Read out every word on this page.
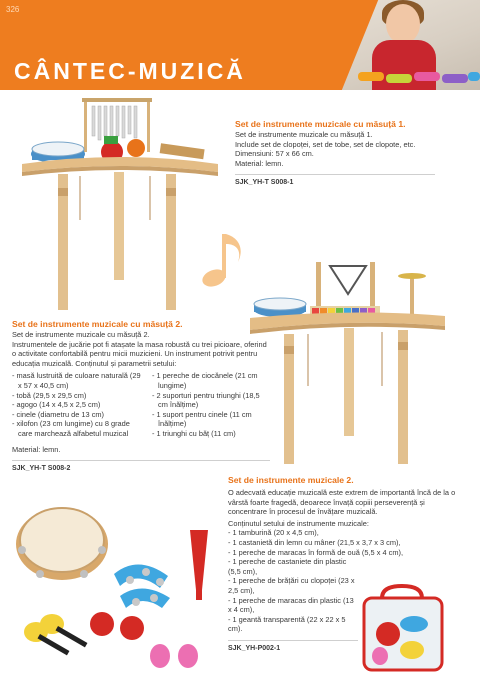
326
CÂNTEC-MUZICĂ
Set de instrumente muzicale cu măsuță 1.
Set de instrumente muzicale cu măsuță 1.
Include set de clopoței, set de tobe, set de clopote, etc.
Dimensiuni: 57 x 66 cm.
Material: lemn.
SJK_YH-T S008-1
Set de instrumente muzicale cu măsuță 2.
Set de instrumente muzicale cu măsuță 2.
Instrumentele de jucărie pot fi atașate la masa robustă cu trei picioare, oferind o activitate confortabilă pentru micii muzicieni. Un instrument potrivit pentru educația muzicală. Conținutul și parametrii setului:
- masă lustruită de culoare naturală (29 x 57 x 40,5 cm)
- tobă (29,5 x 29,5 cm)
- agogo (14 x 4,5 x 2,5 cm)
- cinele (diametru de 13 cm)
- xilofon (23 cm lungime) cu 8 grade care marchează alfabetul muzical
- 1 pereche de ciocănele (21 cm lungime)
- 2 suporturi pentru triunghi (18,5 cm înălțime)
- 1 suport pentru cinele (11 cm înălțime)
- 1 triunghi cu băț (11 cm)
Material: lemn.
SJK_YH-T S008-2
Set de instrumente muzicale 2.
O adecvată educație muzicală este extrem de importantă încă de la o vârstă foarte fragedă, deoarece învață copiii perseverență și concentrare în procesul de învățare muzicală.
Conținutul setului de instrumente muzicale:
- 1 tamburină (20 x 4,5 cm),
- 1 castanietă din lemn cu mâner (21,5 x 3,7 x 3 cm),
- 1 pereche de maracas în formă de ouă (5,5 x 4 cm),
- 1 pereche de castaniete din plastic (5,5 cm),
- 1 pereche de brățări cu clopoței (23 x 2,5 cm),
- 1 pereche de maracas din plastic (13 x 4 cm),
- 1 geantă transparentă (22 x 22 x 5 cm).
SJK_YH-P002-1
